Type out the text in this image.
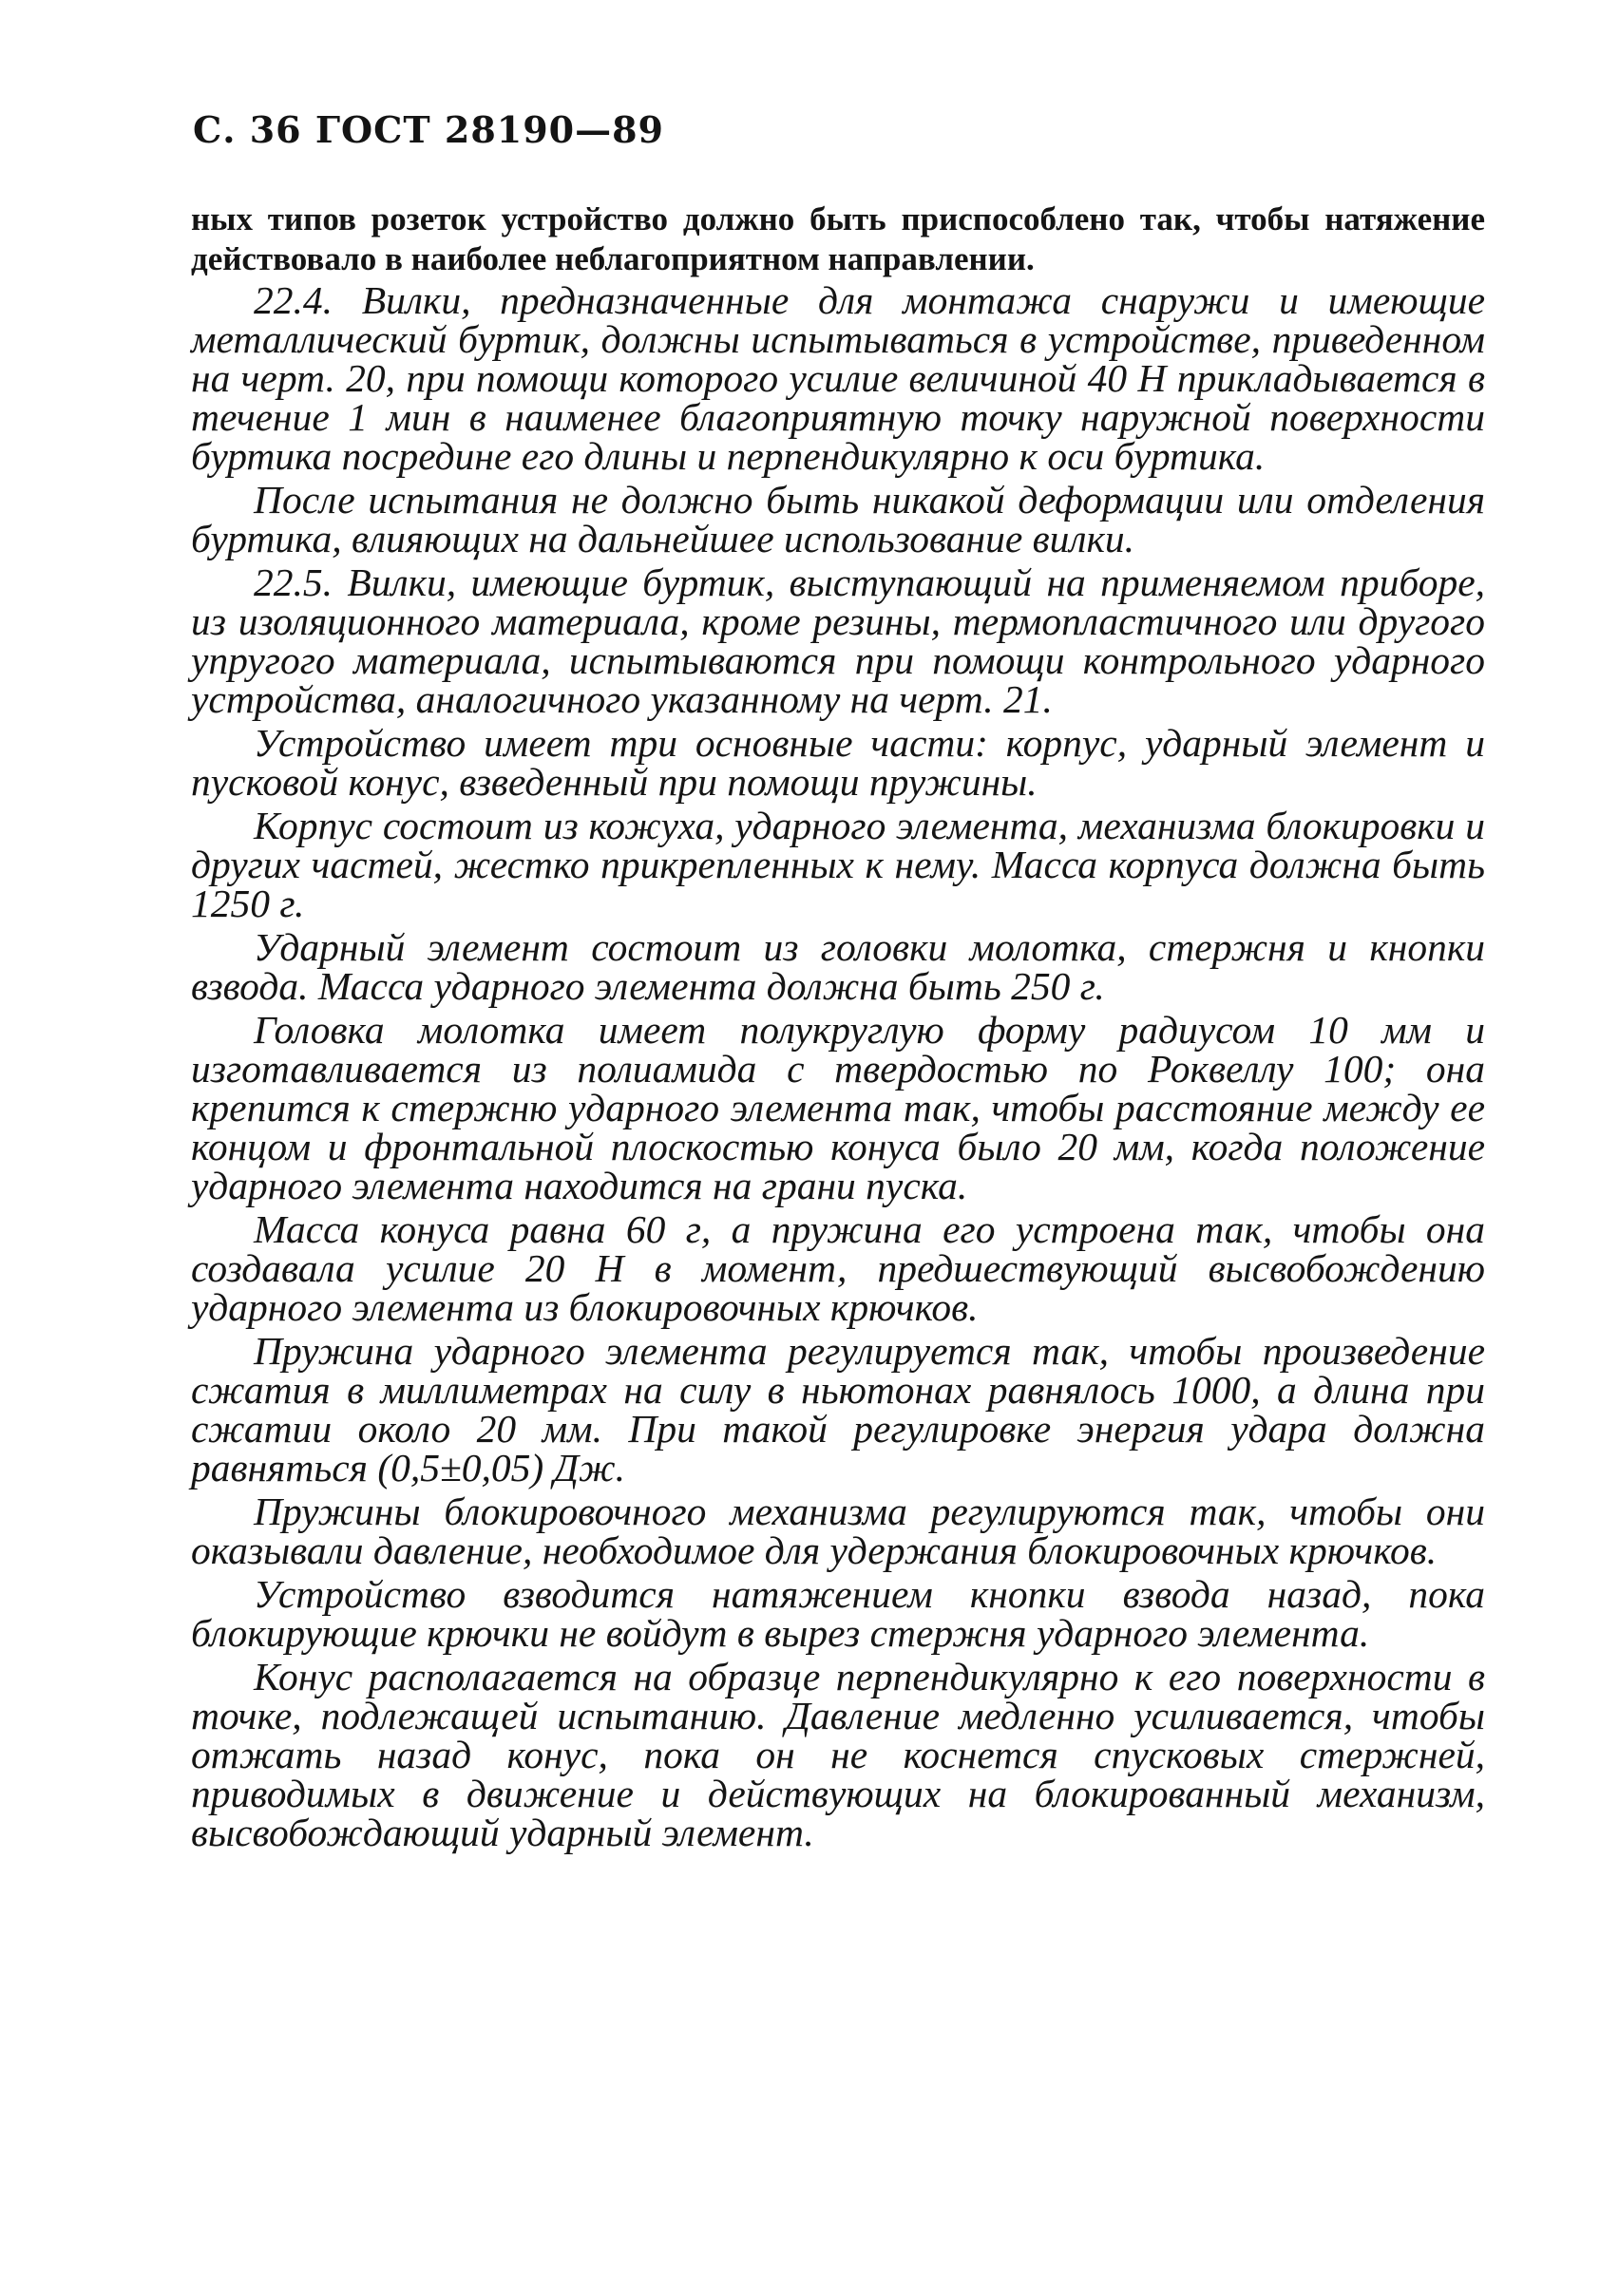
С. 36 ГОСТ 28190—89
ных типов розеток устройство должно быть приспособлено так, чтобы натяжение действовало в наиболее неблагоприятном направлении.

22.4. Вилки, предназначенные для монтажа снаружи и имеющие металлический буртик, должны испытываться в устройстве, приведенном на черт. 20, при помощи которого усилие величиной 40 Н прикладывается в течение 1 мин в наименее благоприятную точку наружной поверхности буртика посредине его длины и перпендикулярно к оси буртика.

После испытания не должно быть никакой деформации или отделения буртика, влияющих на дальнейшее использование вилки.

22.5. Вилки, имеющие буртик, выступающий на применяемом приборе, из изоляционного материала, кроме резины, термопластичного или другого упругого материала, испытываются при помощи контрольного ударного устройства, аналогичного указанному на черт. 21.

Устройство имеет три основные части: корпус, ударный элемент и пусковой конус, взведенный при помощи пружины.

Корпус состоит из кожуха, ударного элемента, механизма блокировки и других частей, жестко прикрепленных к нему. Масса корпуса должна быть 1250 г.

Ударный элемент состоит из головки молотка, стержня и кнопки взвода. Масса ударного элемента должна быть 250 г.

Головка молотка имеет полукруглую форму радиусом 10 мм и изготавливается из полиамида с твердостью по Роквеллу 100; она крепится к стержню ударного элемента так, чтобы расстояние между ее концом и фронтальной плоскостью конуса было 20 мм, когда положение ударного элемента находится на грани пуска.

Масса конуса равна 60 г, а пружина его устроена так, чтобы она создавала усилие 20 Н в момент, предшествующий высвобождению ударного элемента из блокировочных крючков.

Пружина ударного элемента регулируется так, чтобы произведение сжатия в миллиметрах на силу в ньютонах равнялось 1000, а длина при сжатии около 20 мм. При такой регулировке энергия удара должна равняться (0,5±0,05) Дж.

Пружины блокировочного механизма регулируются так, чтобы они оказывали давление, необходимое для удержания блокировочных крючков.

Устройство взводится натяжением кнопки взвода назад, пока блокирующие крючки не войдут в вырез стержня ударного элемента.

Конус располагается на образце перпендикулярно к его поверхности в точке, подлежащей испытанию. Давление медленно усиливается, чтобы отжать назад конус, пока он не коснется спусковых стержней, приводимых в движение и действующих на блокированный механизм, высвобождающий ударный элемент.
